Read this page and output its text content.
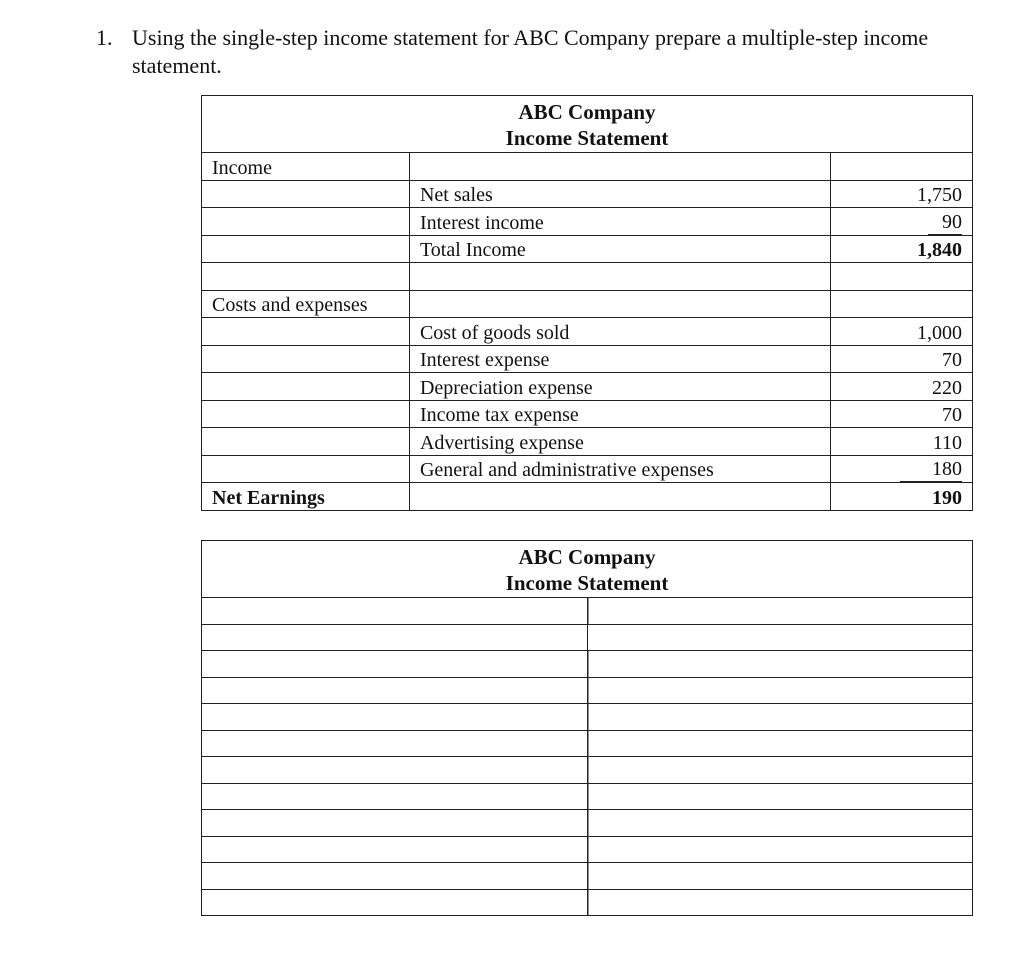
1. Using the single-step income statement for ABC Company prepare a multiple-step income statement.
ABC Company
Income Statement		

Income		
	Net sales	1,750
	Interest income	90
	Total Income	1,840

Costs and expenses		
	Cost of goods sold	1,000
	Interest expense	70
	Depreciation expense	220
	Income tax expense	70
	Advertising expense	110
	General and administrative expenses	180
Net Earnings		190
ABC Company
Income Statement
